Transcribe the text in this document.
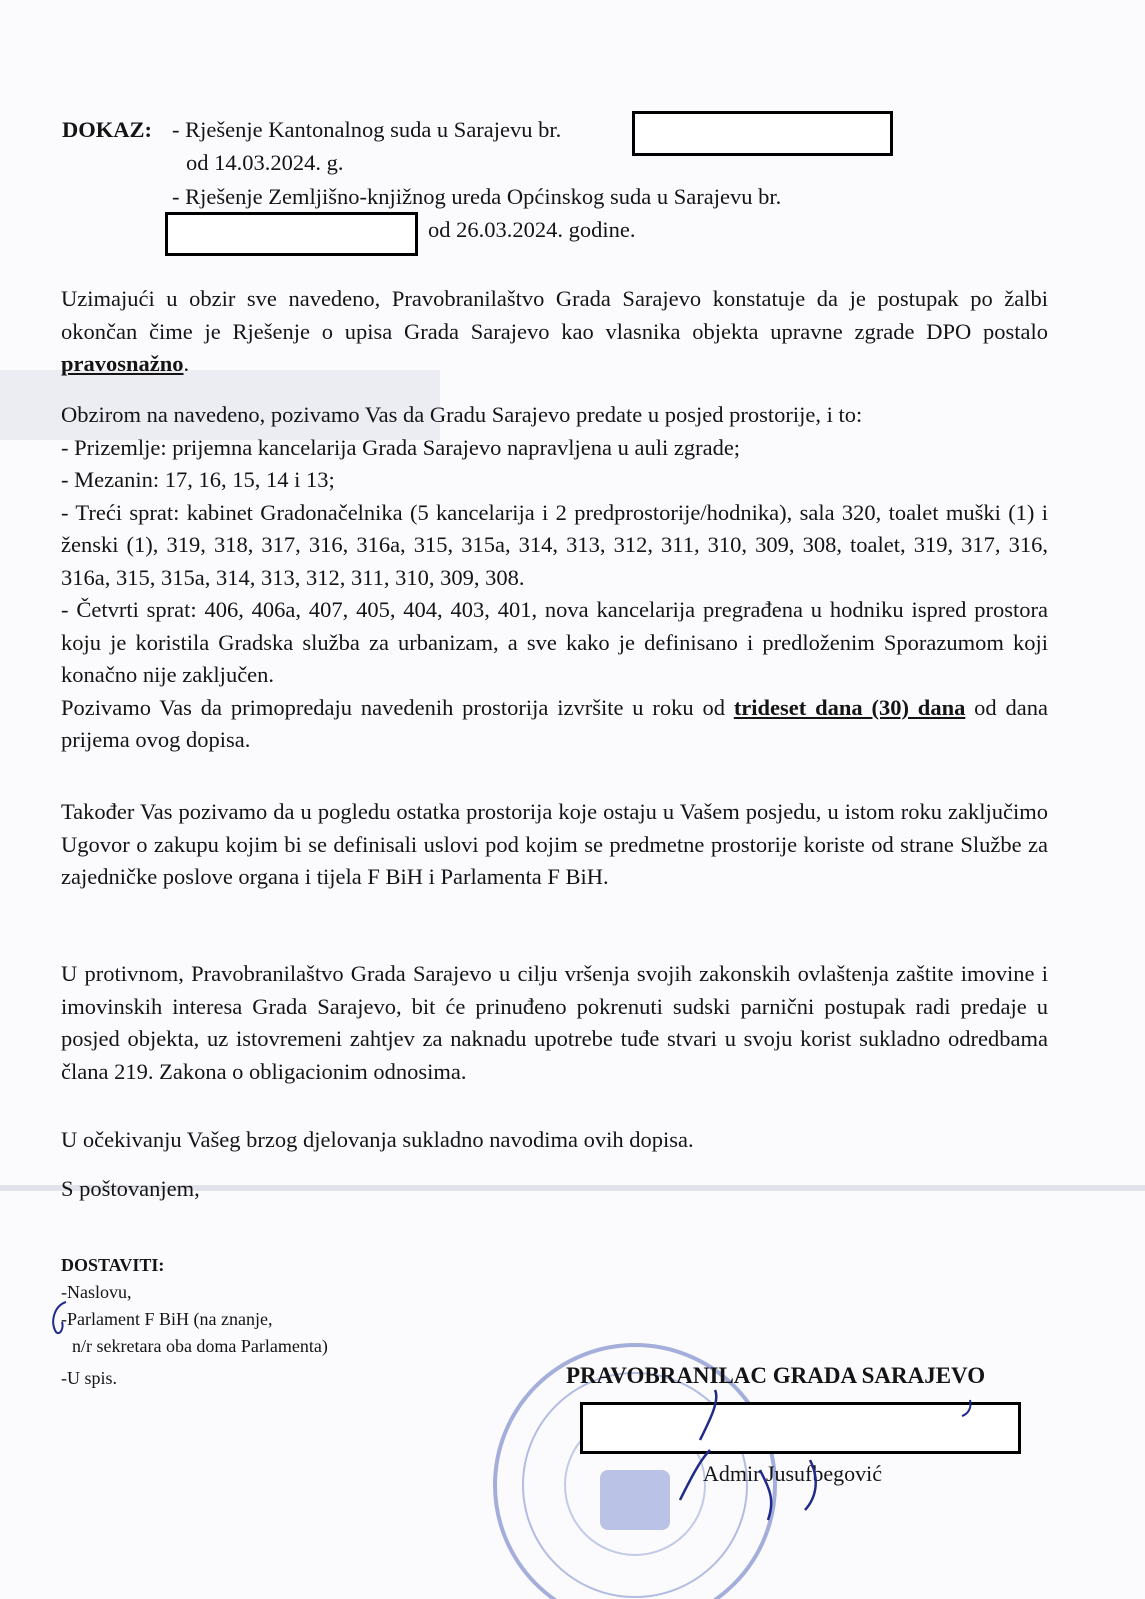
DOKAZ: - Rješenje Kantonalnog suda u Sarajevu br.
od 14.03.2024. g.
- Rješenje Zemljišno-knjižnog ureda Općinskog suda u Sarajevu br.
od 26.03.2024. godine.

Uzimajući u obzir sve navedeno, Pravobranilaštvo Grada Sarajevo konstatuje da je postupak po žalbi okončan čime je Rješenje o upisa Grada Sarajevo kao vlasnika objekta upravne zgrade DPO postalo pravosnažno.

Obzirom na navedeno, pozivamo Vas da Gradu Sarajevo predate u posjed prostorije, i to:

- Prizemlje: prijemna kancelarija Grada Sarajevo napravljena u auli zgrade;

- Mezanin: 17, 16, 15, 14 i 13;

- Treći sprat: kabinet Gradonačelnika (5 kancelarija i 2 predprostorije/hodnika), sala 320, toalet muški (1) i ženski (1), 319, 318, 317, 316, 316a, 315, 315a, 314, 313, 312, 311, 310, 309, 308, toalet, 319, 317, 316, 316a, 315, 315a, 314, 313, 312, 311, 310, 309, 308.

- Četvrti sprat: 406, 406a, 407, 405, 404, 403, 401, nova kancelarija pregrađena u hodniku ispred prostora koju je koristila Gradska služba za urbanizam, a sve kako je definisano i predloženim Sporazumom koji konačno nije zaključen.

Pozivamo Vas da primopredaju navedenih prostorija izvršite u roku od trideset dana (30) dana od dana prijema ovog dopisa.

Također Vas pozivamo da u pogledu ostatka prostorija koje ostaju u Vašem posjedu, u istom roku zaključimo Ugovor o zakupu kojim bi se definisali uslovi pod kojim se predmetne prostorije koriste od strane Službe za zajedničke poslove organa i tijela F BiH i Parlamenta F BiH.
U protivnom, Pravobranilaštvo Grada Sarajevo u cilju vršenja svojih zakonskih ovlaštenja zaštite imovine i imovinskih interesa Grada Sarajevo, bit će prinuđeno pokrenuti sudski parnični postupak radi predaje u posjed objekta, uz istovremeni zahtjev za naknadu upotrebe tuđe stvari u svoju korist sukladno odredbama člana 219. Zakona o obligacionim odnosima.
U očekivanju Vašeg brzog djelovanja sukladno navodima ovih dopisa.
S poštovanjem,
DOSTAVITI:
-Naslovu,
-Parlament F BiH (na znanje,
n/r sekretara oba doma Parlamenta)
-U spis.	PRAVOBRANILAC GRADA SARAJEVO
Admir Jusufbegović
